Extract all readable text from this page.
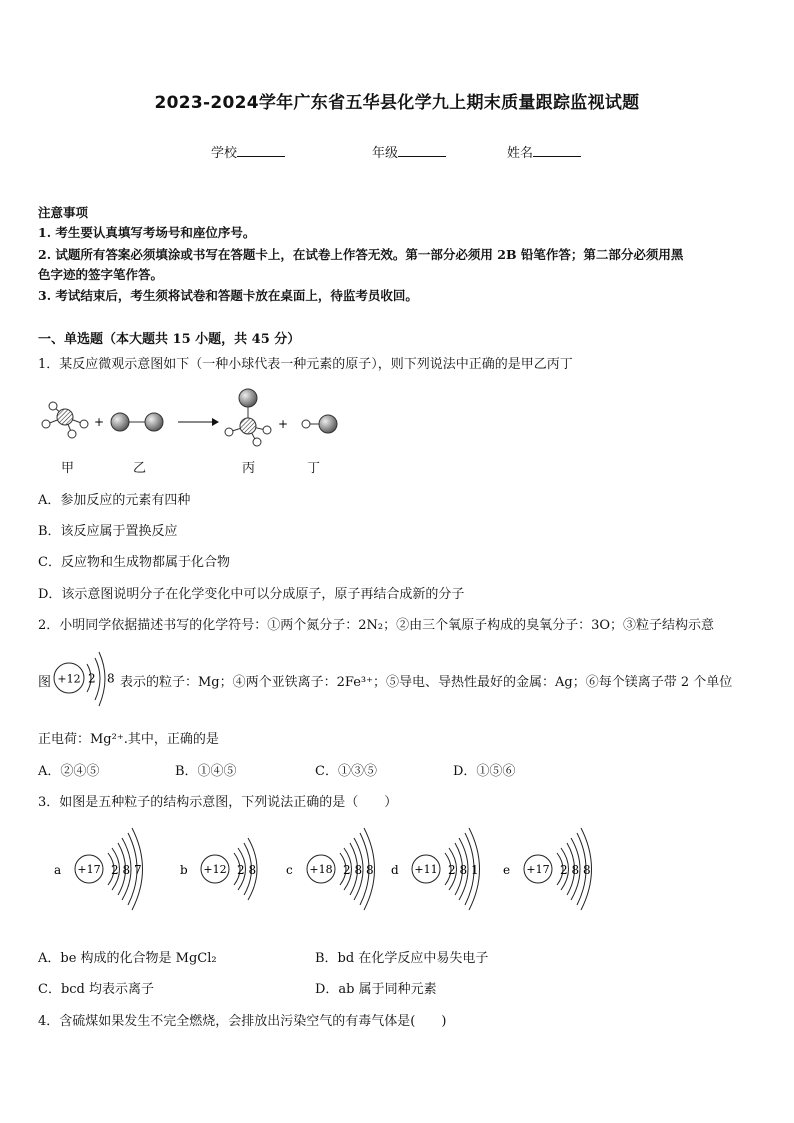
2023-2024学年广东省五华县化学九上期末质量跟踪监视试题
学校	年级	姓名
注意事项
1. 考生要认真填写考场号和座位序号。
2. 试题所有答案必须填涂或书写在答题卡上，在试卷上作答无效。第一部分必须用 2B 铅笔作答；第二部分必须用黑
色字迹的签字笔作答。
3. 考试结束后，考生须将试卷和答题卡放在桌面上，待监考员收回。
一、单选题（本大题共 15 小题，共 45 分）
1．某反应微观示意图如下（一种小球代表一种元素的原子），则下列说法中正确的是甲乙丙丁
+	+
甲	乙	丙	丁
A．参加反应的元素有四种
B．该反应属于置换反应
C．反应物和生成物都属于化合物
D．该示意图说明分子在化学变化中可以分成原子，原子再结合成新的分子
2．小明同学依据描述书写的化学符号：①两个氮分子：2N₂；②由三个氧原子构成的臭氧分子：3O；③粒子结构示意
图 +12 2 8 表示的粒子：Mg；④两个亚铁离子：2Fe³⁺；⑤导电、导热性最好的金属：Ag；⑥每个镁离子带 2 个单位
正电荷：Mg²⁺.其中，正确的是
A．②④⑤	B．①④⑤	C．①③⑤	D．①⑤⑥
3．如图是五种粒子的结构示意图，下列说法正确的是（　　）
a +17 2 8 7	b +12 2 8 c +18 2 8 8 d +11 2 8 1 e +17 2 8 8
A．be 构成的化合物是 MgCl₂	B．bd 在化学反应中易失电子
C．bcd 均表示离子	D．ab 属于同种元素
4．含硫煤如果发生不完全燃烧，会排放出污染空气的有毒气体是(　　)
